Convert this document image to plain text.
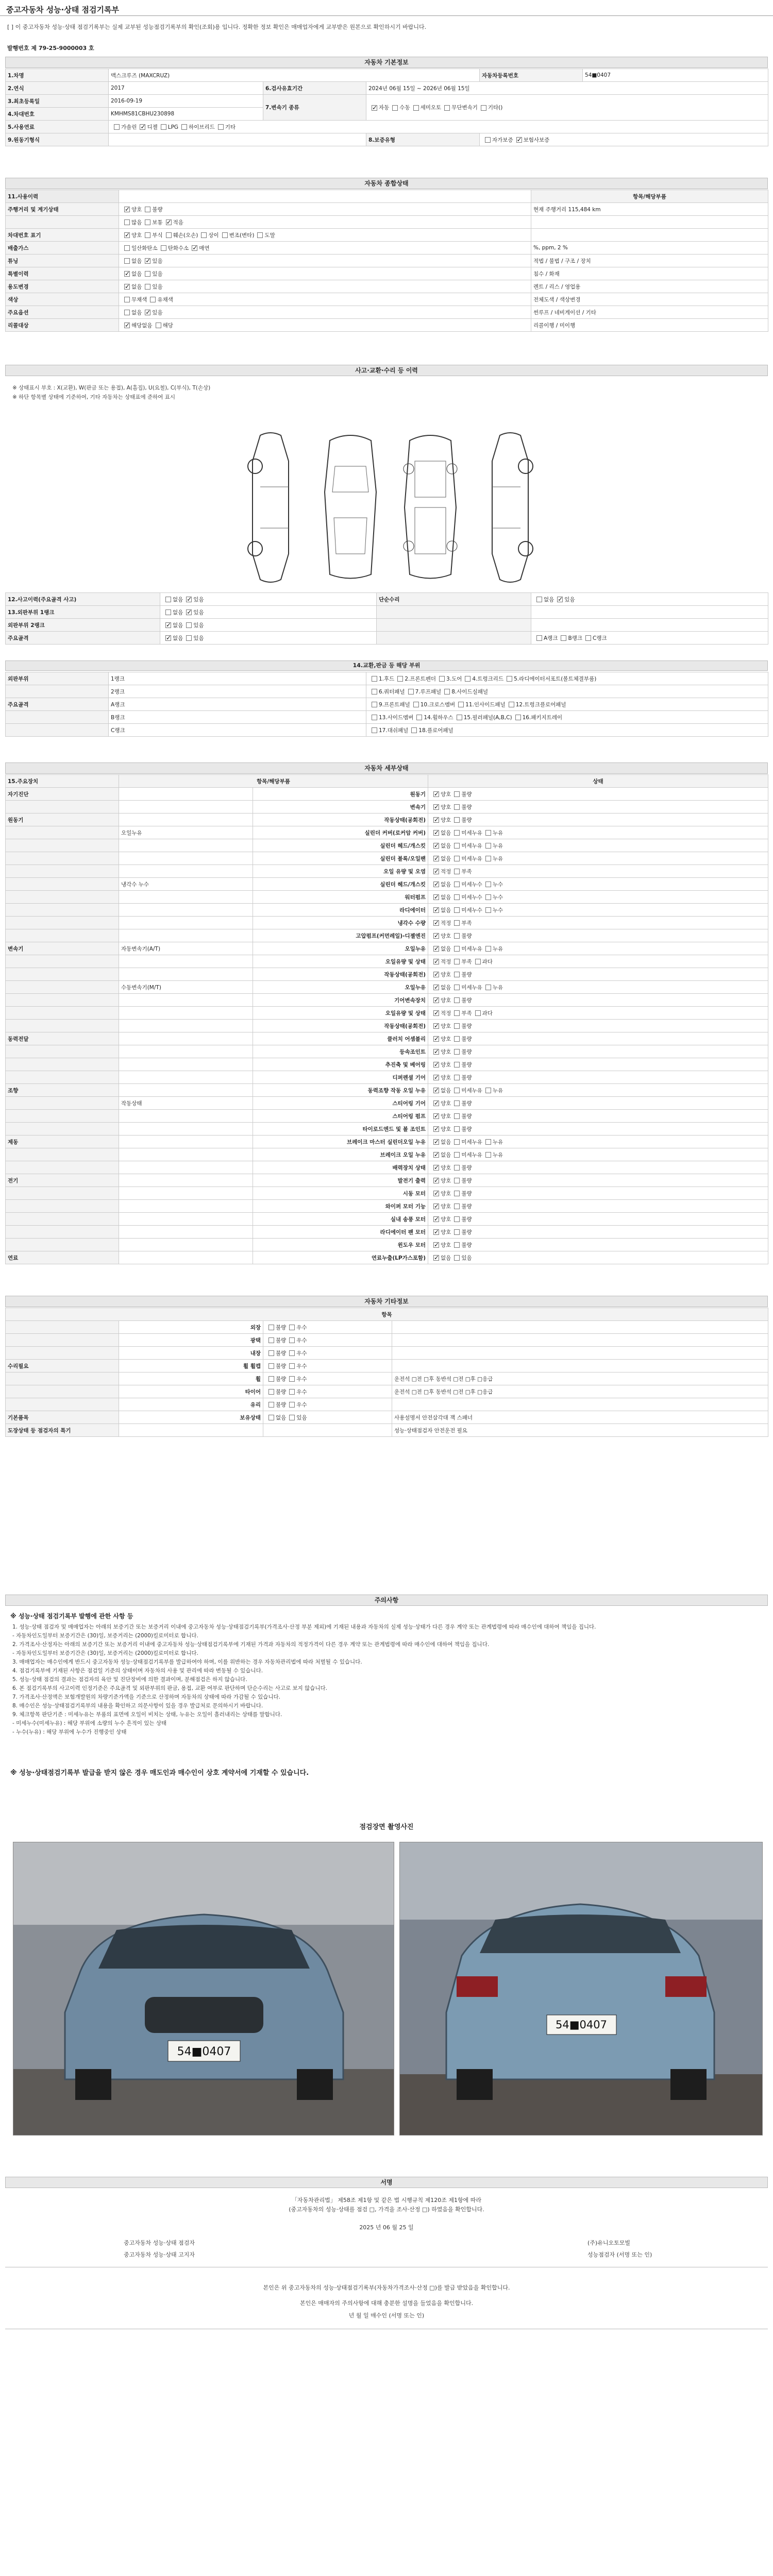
중고자동차 성능·상태 점검기록부
[ ] 이 중고자동차 성능·상태 점검기록부는 실제 교부된 성능점검기록부의 확인(조회)용 입니다. 정확한 정보 확인은 매매업자에게 교부받은 원본으로 확인하시기 바랍니다.
발행번호 제 79-25-9000003 호
자동차 기본정보
1.차명	맥스크루즈 (MAXCRUZ)			자동차등록번호	54■0407
2.연식	2017	6.검사유효기간	2024년 06월 15일 ~ 2026년 06월 15일		
3.최초등록일	2016-09-19	7.변속기 종류	✓자동 수동 세미오토 무단변속기 기타()
4.차대번호	KMHMS81CBHU230898				
5.사용연료	가솔린 ✓ 디젤 LPG 하이브리드 기타
9.원동기형식			8.보증유형	자가보증 ✓ 보험사보증
자동차 종합상태
11.사용이력		항목/해당부품
주행거리 및 계기상태	✓양호 불량	현재 주행거리 115,484 km
	많음 보통 ✓ 적음	
차대번호 표기	✓양호 부식 훼손(오손) 상이 변조(변타) 도말	
배출가스	일산화탄소 탄화수소 ✓ 매연	%, ppm, 2 %
튜닝	없음 ✓ 있음	적법 / 불법 / 구조 / 장치
특별이력	✓없음 있음	침수 / 화재
용도변경	✓없음 있음	렌트 / 리스 / 영업용
색상	무채색 유채색	전체도색 / 색상변경
주요옵션	없음 ✓ 있음	썬루프 / 네비게이션 / 기타
리콜대상	✓해당없음 해당	리콜이행 / 미이행
사고·교환·수리 등 이력
※ 상태표시 부호 : X(교환), W(판금 또는 용접), A(흠집), U(요철), C(부식), T(손상)
※ 하단 항목별 상태에 기준하여, 기타 자동차는 상태표에 준하여 표시
12.사고이력(주요골격 사고)	없음 ✓ 있음	단순수리	없음 ✓ 있음
13.외판부위 1랭크	없음 ✓ 있음		
외판부위 2랭크	✓없음 있음		
주요골격	✓없음 있음		A랭크 B랭크 C랭크
14.교환,판금 등 해당 부위
외판부위	1랭크	1.후드 2.프론트펜더 3.도어 4.트렁크리드 5.라디에이터서포트(볼트체결부품)
	2랭크	6.쿼터패널 7.루프패널 8.사이드실패널
주요골격	A랭크	9.프론트패널 10.크로스멤버 11.인사이드패널 12.트렁크플로어패널
	B랭크	13.사이드멤버 14.휠하우스 15.필러패널(A,B,C) 16.패키지트레이
	C랭크	17.대쉬패널 18.플로어패널
자동차 세부상태
15.주요장치	항목/해당부품		상태
자기진단		원동기	✓양호 불량
		변속기	✓양호 불량
원동기		작동상태(공회전)	✓양호 불량
	오일누유	실린더 커버(로커암 커버)	✓없음 미세누유 누유
		실린더 헤드/개스킷	✓없음 미세누유 누유
		실린더 블록/오일팬	✓없음 미세누유 누유
		오일 유량 및 오염	✓적정 부족
	냉각수 누수	실린더 헤드/개스킷	✓없음 미세누수 누수
		워터펌프	✓없음 미세누수 누수
		라디에이터	✓없음 미세누수 누수
		냉각수 수량	✓적정 부족
		고압펌프(커먼레일)-디젤엔진	✓양호 불량
변속기	자동변속기(A/T)	오일누유	✓없음 미세누유 누유
		오일유량 및 상태	✓적정 부족 과다
		작동상태(공회전)	✓양호 불량
	수동변속기(M/T)	오일누유	✓없음 미세누유 누유
		기어변속장치	✓양호 불량
		오일유량 및 상태	✓적정 부족 과다
		작동상태(공회전)	✓양호 불량
동력전달		클러치 어셈블리	✓양호 불량
		등속조인트	✓양호 불량
		추진축 및 베어링	✓양호 불량
		디퍼렌셜 기어	✓양호 불량
조향		동력조향 작동 오일 누유	✓없음 미세누유 누유
	작동상태	스티어링 기어	✓양호 불량
		스티어링 펌프	✓양호 불량
		타이로드엔드 및 볼 조인트	✓양호 불량
제동		브레이크 마스터 실린더오일 누유	✓없음 미세누유 누유
		브레이크 오일 누유	✓없음 미세누유 누유
		배력장치 상태	✓양호 불량
전기		발전기 출력	✓양호 불량
		시동 모터	✓양호 불량
		와이퍼 모터 기능	✓양호 불량
		실내 송풍 모터	✓양호 불량
		라디에이터 팬 모터	✓양호 불량
		윈도우 모터	✓양호 불량
연료		연료누출(LP가스포함)	✓없음 있음
자동차 기타정보
항목			
	외장	불량 우수	
	광택	불량 우수	
	내장	불량 우수	
수리필요	휠 휠캡	불량 우수	
	휠	불량 우수	운전석 □전 □후 동반석 □전 □후 □응급
	타이어	불량 우수	운전석 □전 □후 동반석 □전 □후 □응급
	유리	불량 우수	
기본품목	보유상태	없음 있음	사용설명서 안전삼각대 잭 스패너
도장상태 등 점검자의 특기			성능·상태점검자 안전운전 필요
주의사항
※ 성능·상태 점검기록부 발행에 관한 사항 등

1. 성능·상태 점검자 및 매매업자는 아래의 보증기간 또는 보증거리 이내에 중고자동차 성능·상태점검기록부(가격조사·산정 부분 제외)에 기재된 내용과 자동차의 실제 성능·상태가 다른 경우 계약 또는 관계법령에 따라 매수인에 대하여 책임을 집니다.

- 자동차인도일부터 보증기간은 (30)일, 보증거리는 (2000)킬로미터로 합니다.

2. 가격조사·산정자는 아래의 보증기간 또는 보증거리 이내에 중고자동차 성능·상태점검기록부에 기재된 가격과 자동차의 적정가격이 다른 경우 계약 또는 관계법령에 따라 매수인에 대하여 책임을 집니다.

- 자동차인도일부터 보증기간은 (30)일, 보증거리는 (2000)킬로미터로 합니다.

3. 매매업자는 매수인에게 반드시 중고자동차 성능·상태점검기록부를 발급하여야 하며, 이를 위반하는 경우 자동차관리법에 따라 처벌될 수 있습니다.

4. 점검기록부에 기재된 사항은 점검일 기준의 상태이며 자동차의 사용 및 관리에 따라 변동될 수 있습니다.

5. 성능·상태 점검의 결과는 점검자의 육안 및 진단장비에 의한 결과이며, 분해점검은 하지 않습니다.

6. 본 점검기록부의 사고이력 인정기준은 주요골격 및 외판부위의 판금, 용접, 교환 여부로 판단하며 단순수리는 사고로 보지 않습니다.

7. 가격조사·산정액은 보험개발원의 차량기준가액을 기준으로 산정하며 자동차의 상태에 따라 가감될 수 있습니다.

8. 매수인은 성능·상태점검기록부의 내용을 확인하고 의문사항이 있을 경우 발급처로 문의하시기 바랍니다.

9. 체크항목 판단기준 : 미세누유는 부품의 표면에 오일이 비치는 상태, 누유는 오일이 흘러내리는 상태를 말합니다.

- 미세누수(미세누유) : 해당 부위에 소량의 누수 흔적이 있는 상태

- 누수(누유) : 해당 부위에 누수가 진행중인 상태

※ 성능·상태점검기록부 발급을 받지 않은 경우 매도인과 매수인이 상호 계약서에 기재할 수 있습니다.
점검장면 촬영사진
54■0407
54■0407
서명
「자동차관리법」 제58조 제1항 및 같은 법 시행규칙 제120조 제1항에 따라
(중고자동차의 성능·상태를 점검 □, 가격을 조사·산정 □) 하였음을 확인합니다.
2025 년 06 월 25 일
중고자동차 성능·상태 점검자	(주)유니오토모빌
중고자동차 성능·상태 고지자	성능점검자 (서명 또는 인)
본인은 위 중고자동차의 성능·상태점검기록부(자동차가격조사·산정 □)를 발급 받았음을 확인합니다.
본인은 매매자의 주의사항에 대해 충분한 설명을 들었음을 확인합니다.
년 월 일 매수인 (서명 또는 인)
